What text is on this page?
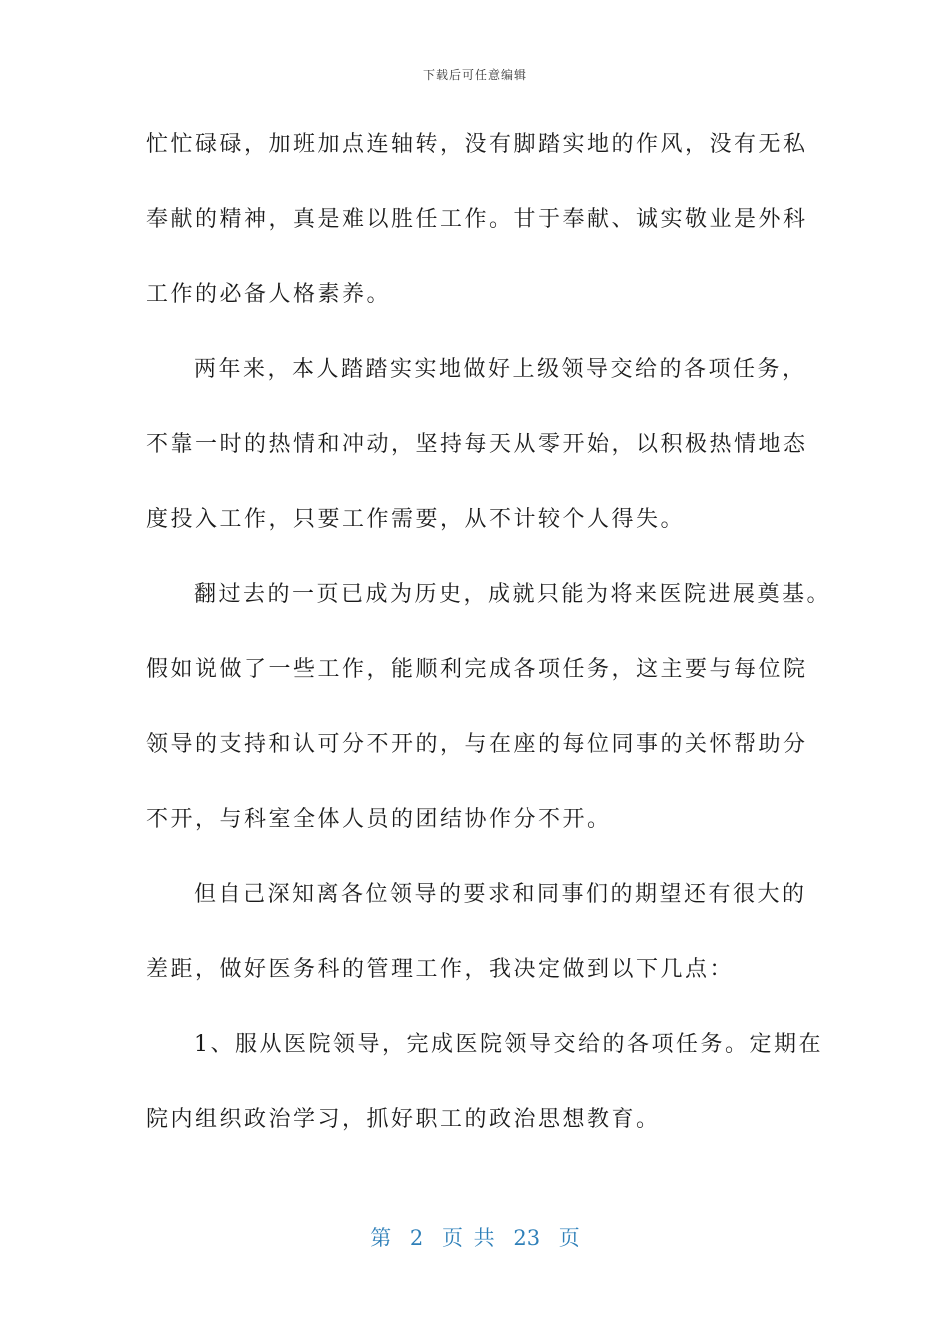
下载后可任意编辑
忙忙碌碌，加班加点连轴转，没有脚踏实地的作风，没有无私
奉献的精神，真是难以胜任工作。甘于奉献、诚实敬业是外科
工作的必备人格素养。
两年来，本人踏踏实实地做好上级领导交给的各项任务，
不靠一时的热情和冲动，坚持每天从零开始，以积极热情地态
度投入工作，只要工作需要，从不计较个人得失。
翻过去的一页已成为历史，成就只能为将来医院进展奠基。
假如说做了一些工作，能顺利完成各项任务，这主要与每位院
领导的支持和认可分不开的，与在座的每位同事的关怀帮助分
不开，与科室全体人员的团结协作分不开。
但自己深知离各位领导的要求和同事们的期望还有很大的
差距，做好医务科的管理工作，我决定做到以下几点：
1、服从医院领导，完成医院领导交给的各项任务。定期在
院内组织政治学习，抓好职工的政治思想教育。
第 2 页 共 23 页
